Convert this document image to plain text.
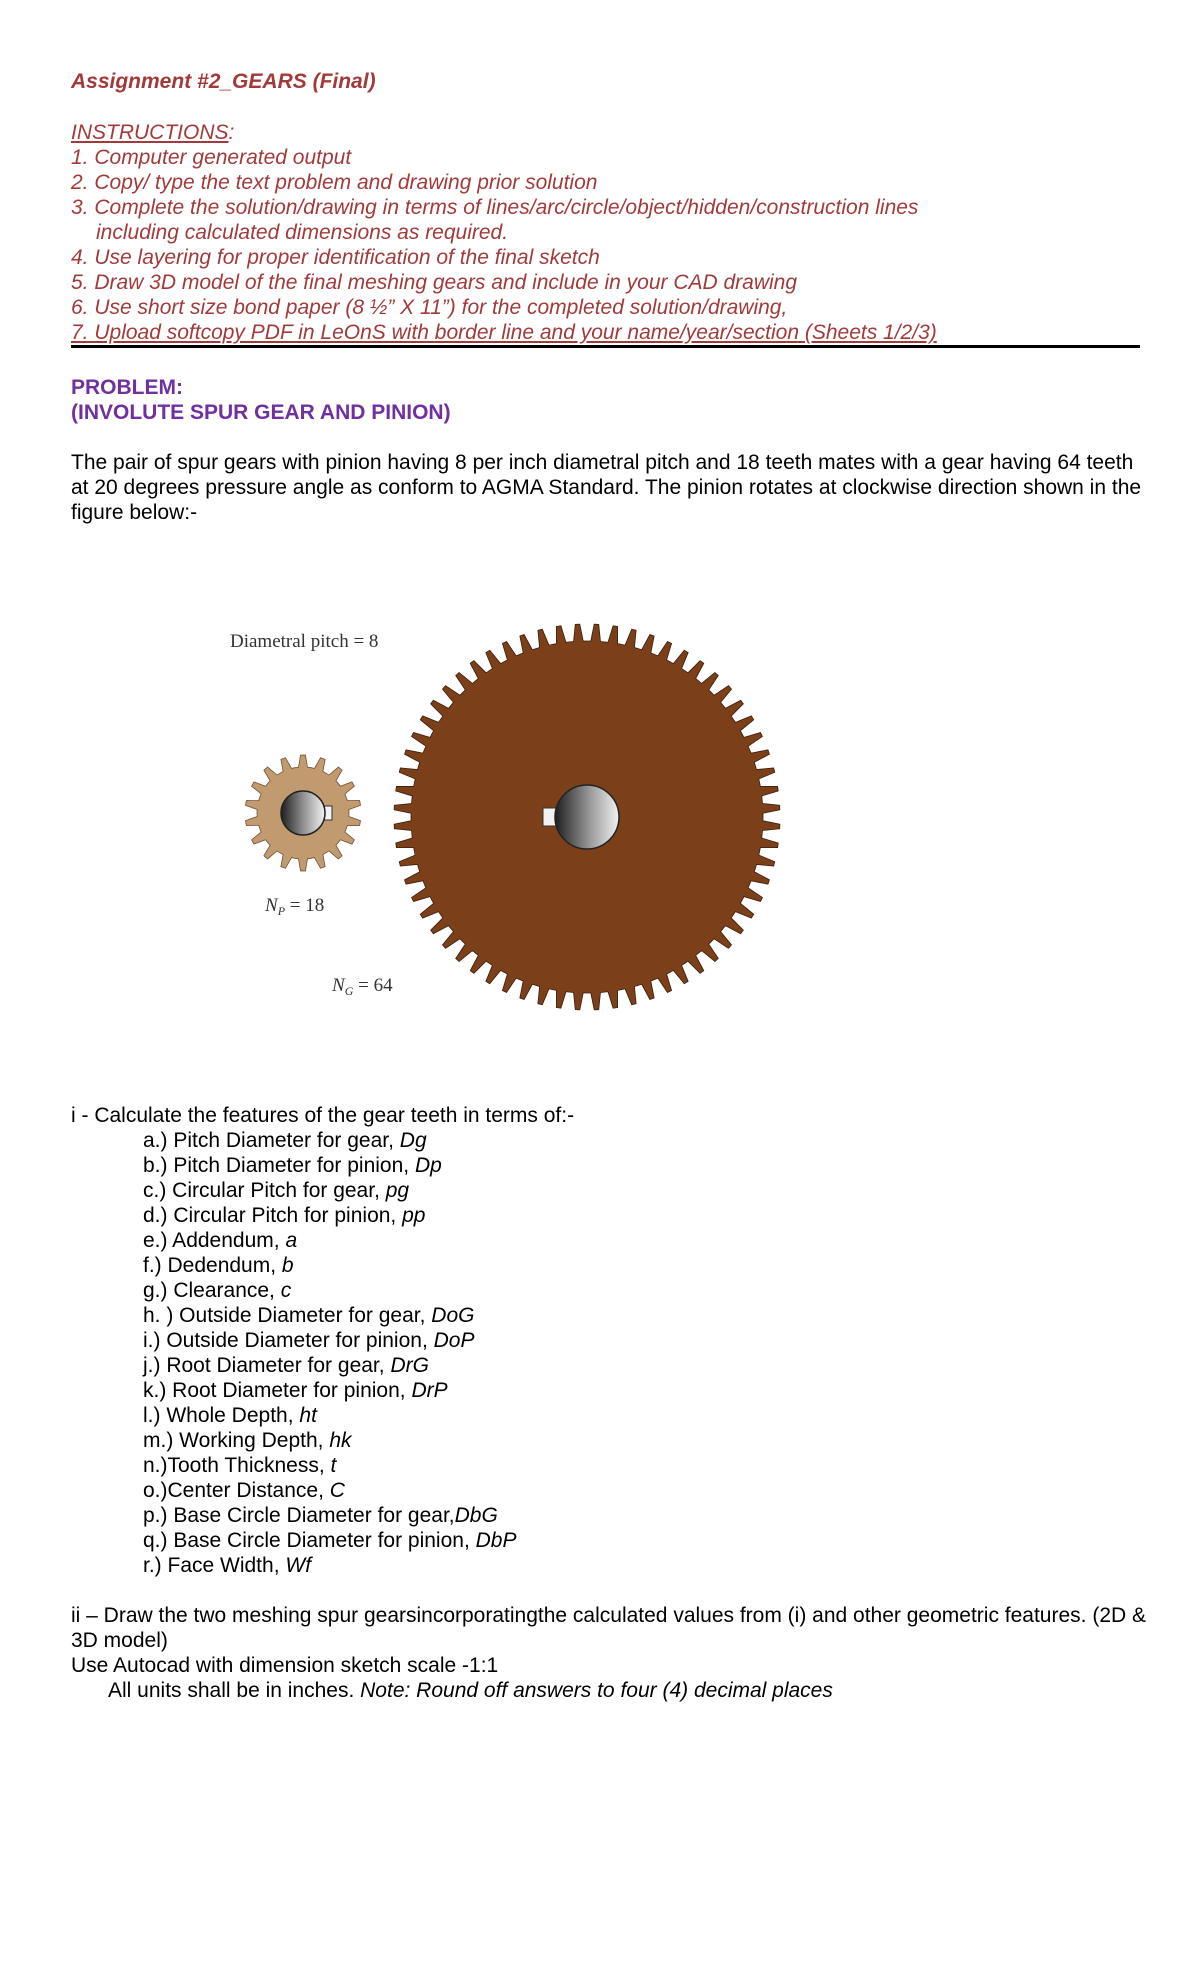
Assignment #2_GEARS (Final)
INSTRUCTIONS:
1. Computer generated output
2. Copy/ type the text problem and drawing prior solution
3. Complete the solution/drawing in terms of lines/arc/circle/object/hidden/construction lines
including calculated dimensions as required.
4. Use layering for proper identification of the final sketch
5. Draw 3D model of the final meshing gears and include in your CAD drawing
6. Use short size bond paper (8 ½” X 11”) for the completed solution/drawing,
7. Upload softcopy PDF in LeOnS with border line and your name/year/section (Sheets 1/2/3)
PROBLEM:
(INVOLUTE SPUR GEAR AND PINION)
The pair of spur gears with pinion having 8 per inch diametral pitch and 18 teeth mates with a gear having 64 teeth at 20 degrees pressure angle as conform to AGMA Standard. The pinion rotates at clockwise direction shown in the figure below:-
Diametral pitch = 8
$N_P = 18$
$N_G = 64$
i - Calculate the features of the gear teeth in terms of:-
a.) Pitch Diameter for gear, Dg
b.) Pitch Diameter for pinion, Dp
c.) Circular Pitch for gear, pg
d.) Circular Pitch for pinion, pp
e.) Addendum, a
f.) Dedendum, b
g.) Clearance, c
h. ) Outside Diameter for gear, DoG
i.) Outside Diameter for pinion, DoP
j.) Root Diameter for gear, DrG
k.) Root Diameter for pinion, DrP
l.) Whole Depth, ht
m.) Working Depth, hk
n.)Tooth Thickness, t
o.)Center Distance, C
p.) Base Circle Diameter for gear,DbG
q.) Base Circle Diameter for pinion, DbP
r.) Face Width, Wf
ii – Draw the two meshing spur gearsincorporatingthe calculated values from (i) and other geometric features. (2D & 3D model)
Use Autocad with dimension sketch scale -1:1
All units shall be in inches. Note: Round off answers to four (4) decimal places
